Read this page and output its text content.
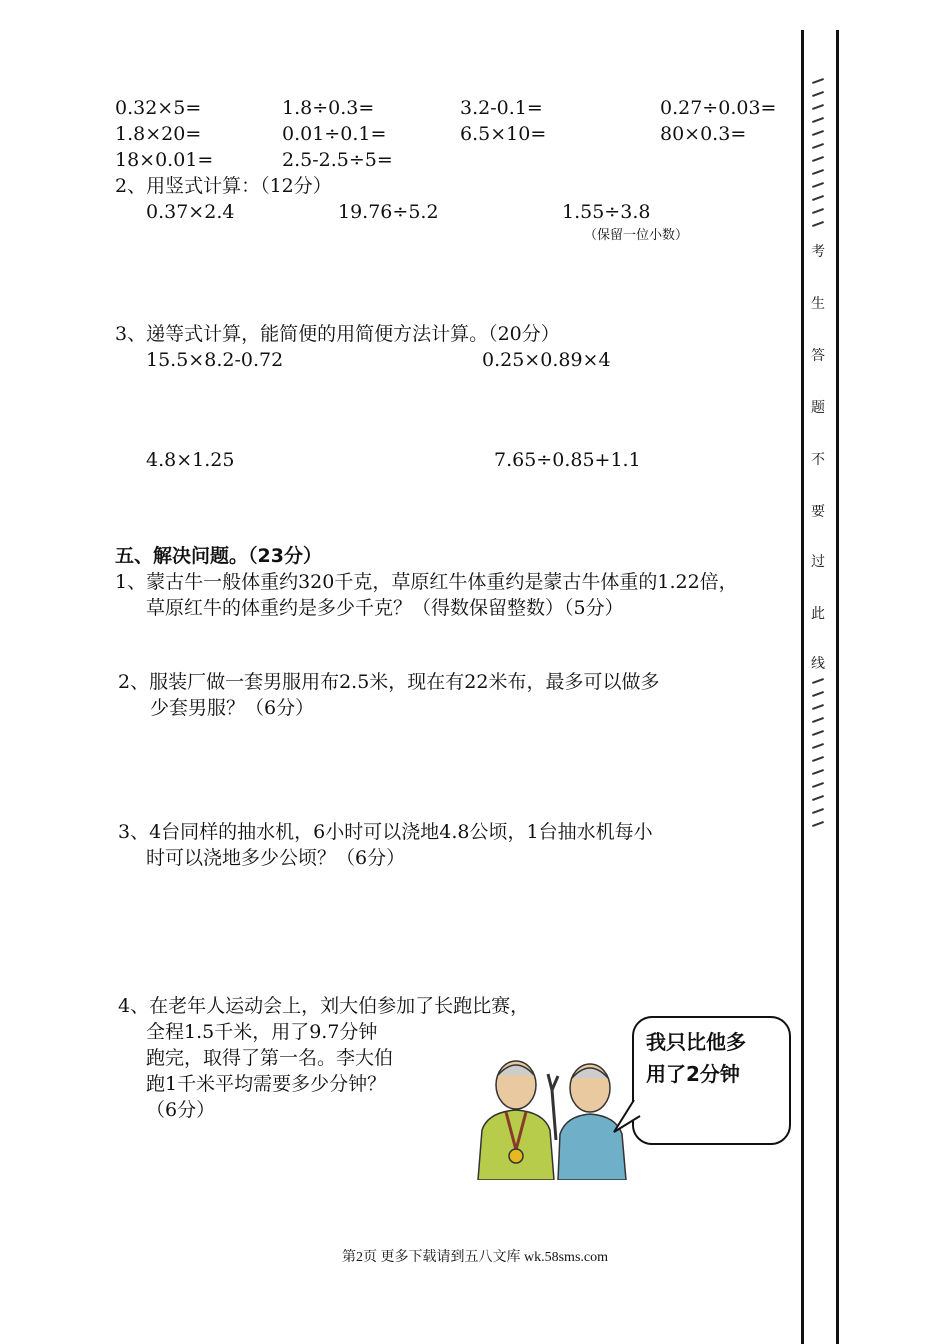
0.32×5=	1.8÷0.3=	3.2-0.1=	0.27÷0.03=
1.8×20=	0.01÷0.1=	6.5×10=	80×0.3=
18×0.01=	2.5-2.5÷5=
2、用竖式计算：（12分）
0.37×2.4	19.76÷5.2	1.55÷3.8
（保留一位小数）
3、递等式计算，能简便的用简便方法计算。（20分）
15.5×8.2-0.72	0.25×0.89×4
4.8×1.25	7.65÷0.85+1.1
五、解决问题。（23分）
1、蒙古牛一般体重约320千克，草原红牛体重约是蒙古牛体重的1.22倍，
草原红牛的体重约是多少千克？（得数保留整数）（5分）
2、服装厂做一套男服用布2.5米，现在有22米布，最多可以做多
少套男服？（6分）
3、4台同样的抽水机，6小时可以浇地4.8公顷，1台抽水机每小
时可以浇地多少公顷？（6分）
4、在老年人运动会上，刘大伯参加了长跑比赛，
全程1.5千米，用了9.7分钟
跑完，取得了第一名。李大伯
跑1千米平均需要多少分钟？
（6分）
我只比他多
用了2分钟
考
生
答
题
不
要
过
此
线
第2页 更多下载请到五八文库 wk.58sms.com
